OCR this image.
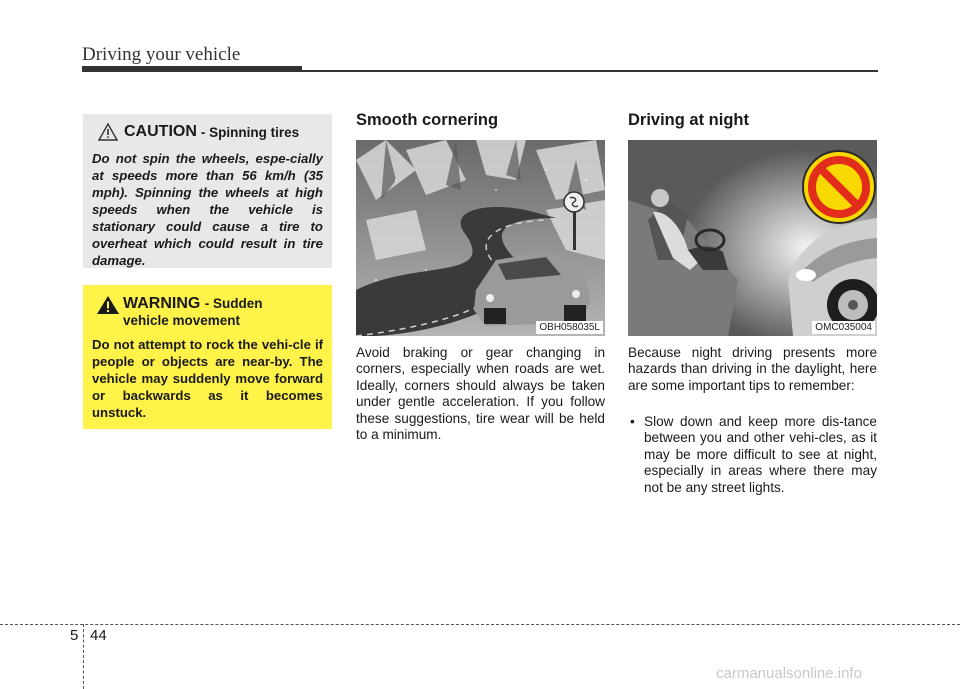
Driving your vehicle
CAUTION - Spinning tires
Do not spin the wheels, espe-cially at speeds more than 56 km/h (35 mph). Spinning the wheels at high speeds when the vehicle is stationary could cause a tire to overheat which could result in tire damage.
WARNING - Sudden
vehicle movement
Do not attempt to rock the vehi-cle if people or objects are near-by. The vehicle may suddenly move forward or backwards as it becomes unstuck.
Smooth cornering
OBH058035L
Avoid braking or gear changing in corners, especially when roads are wet. Ideally, corners should always be taken under gentle acceleration. If you follow these suggestions, tire wear will be held to a minimum.
Driving at night
OMC035004
Because night driving presents more hazards than driving in the daylight, here are some important tips to remember:
• Slow down and keep more dis-tance between you and other vehi-cles, as it may be more difficult to see at night, especially in areas where there may not be any street lights.
5 44
carmanualsonline.info
